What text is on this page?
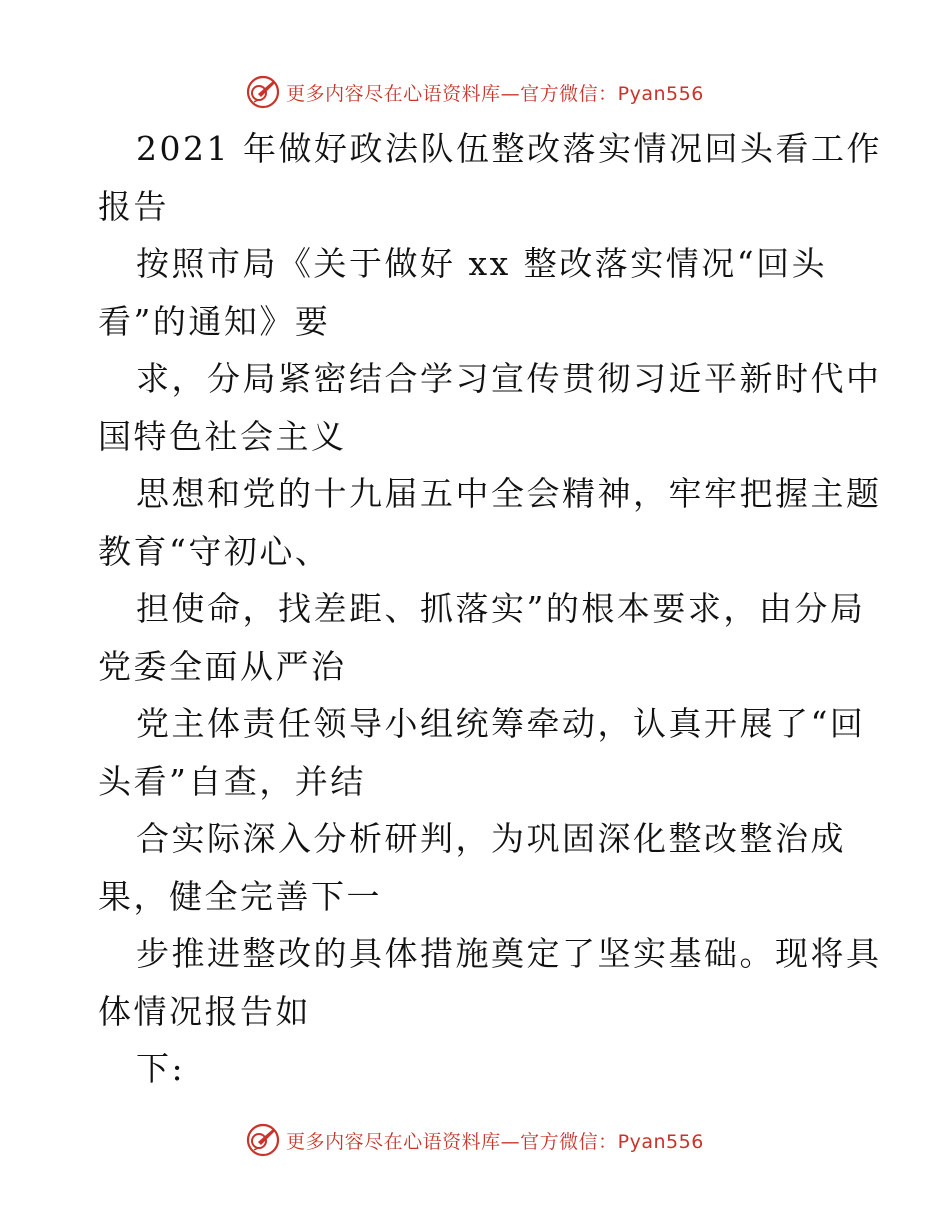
更多内容尽在心语资料库—官方微信：Pyan556
2021 年做好政法队伍整改落实情况回头看工作
报告
按照市局《关于做好 xx 整改落实情况“回头
看”的通知》要
求，分局紧密结合学习宣传贯彻习近平新时代中
国特色社会主义
思想和党的十九届五中全会精神，牢牢把握主题
教育“守初心、
担使命，找差距、抓落实”的根本要求，由分局
党委全面从严治
党主体责任领导小组统筹牵动，认真开展了“回
头看”自查，并结
合实际深入分析研判，为巩固深化整改整治成
果，健全完善下一
步推进整改的具体措施奠定了坚实基础。现将具
体情况报告如
下:
更多内容尽在心语资料库—官方微信：Pyan556
